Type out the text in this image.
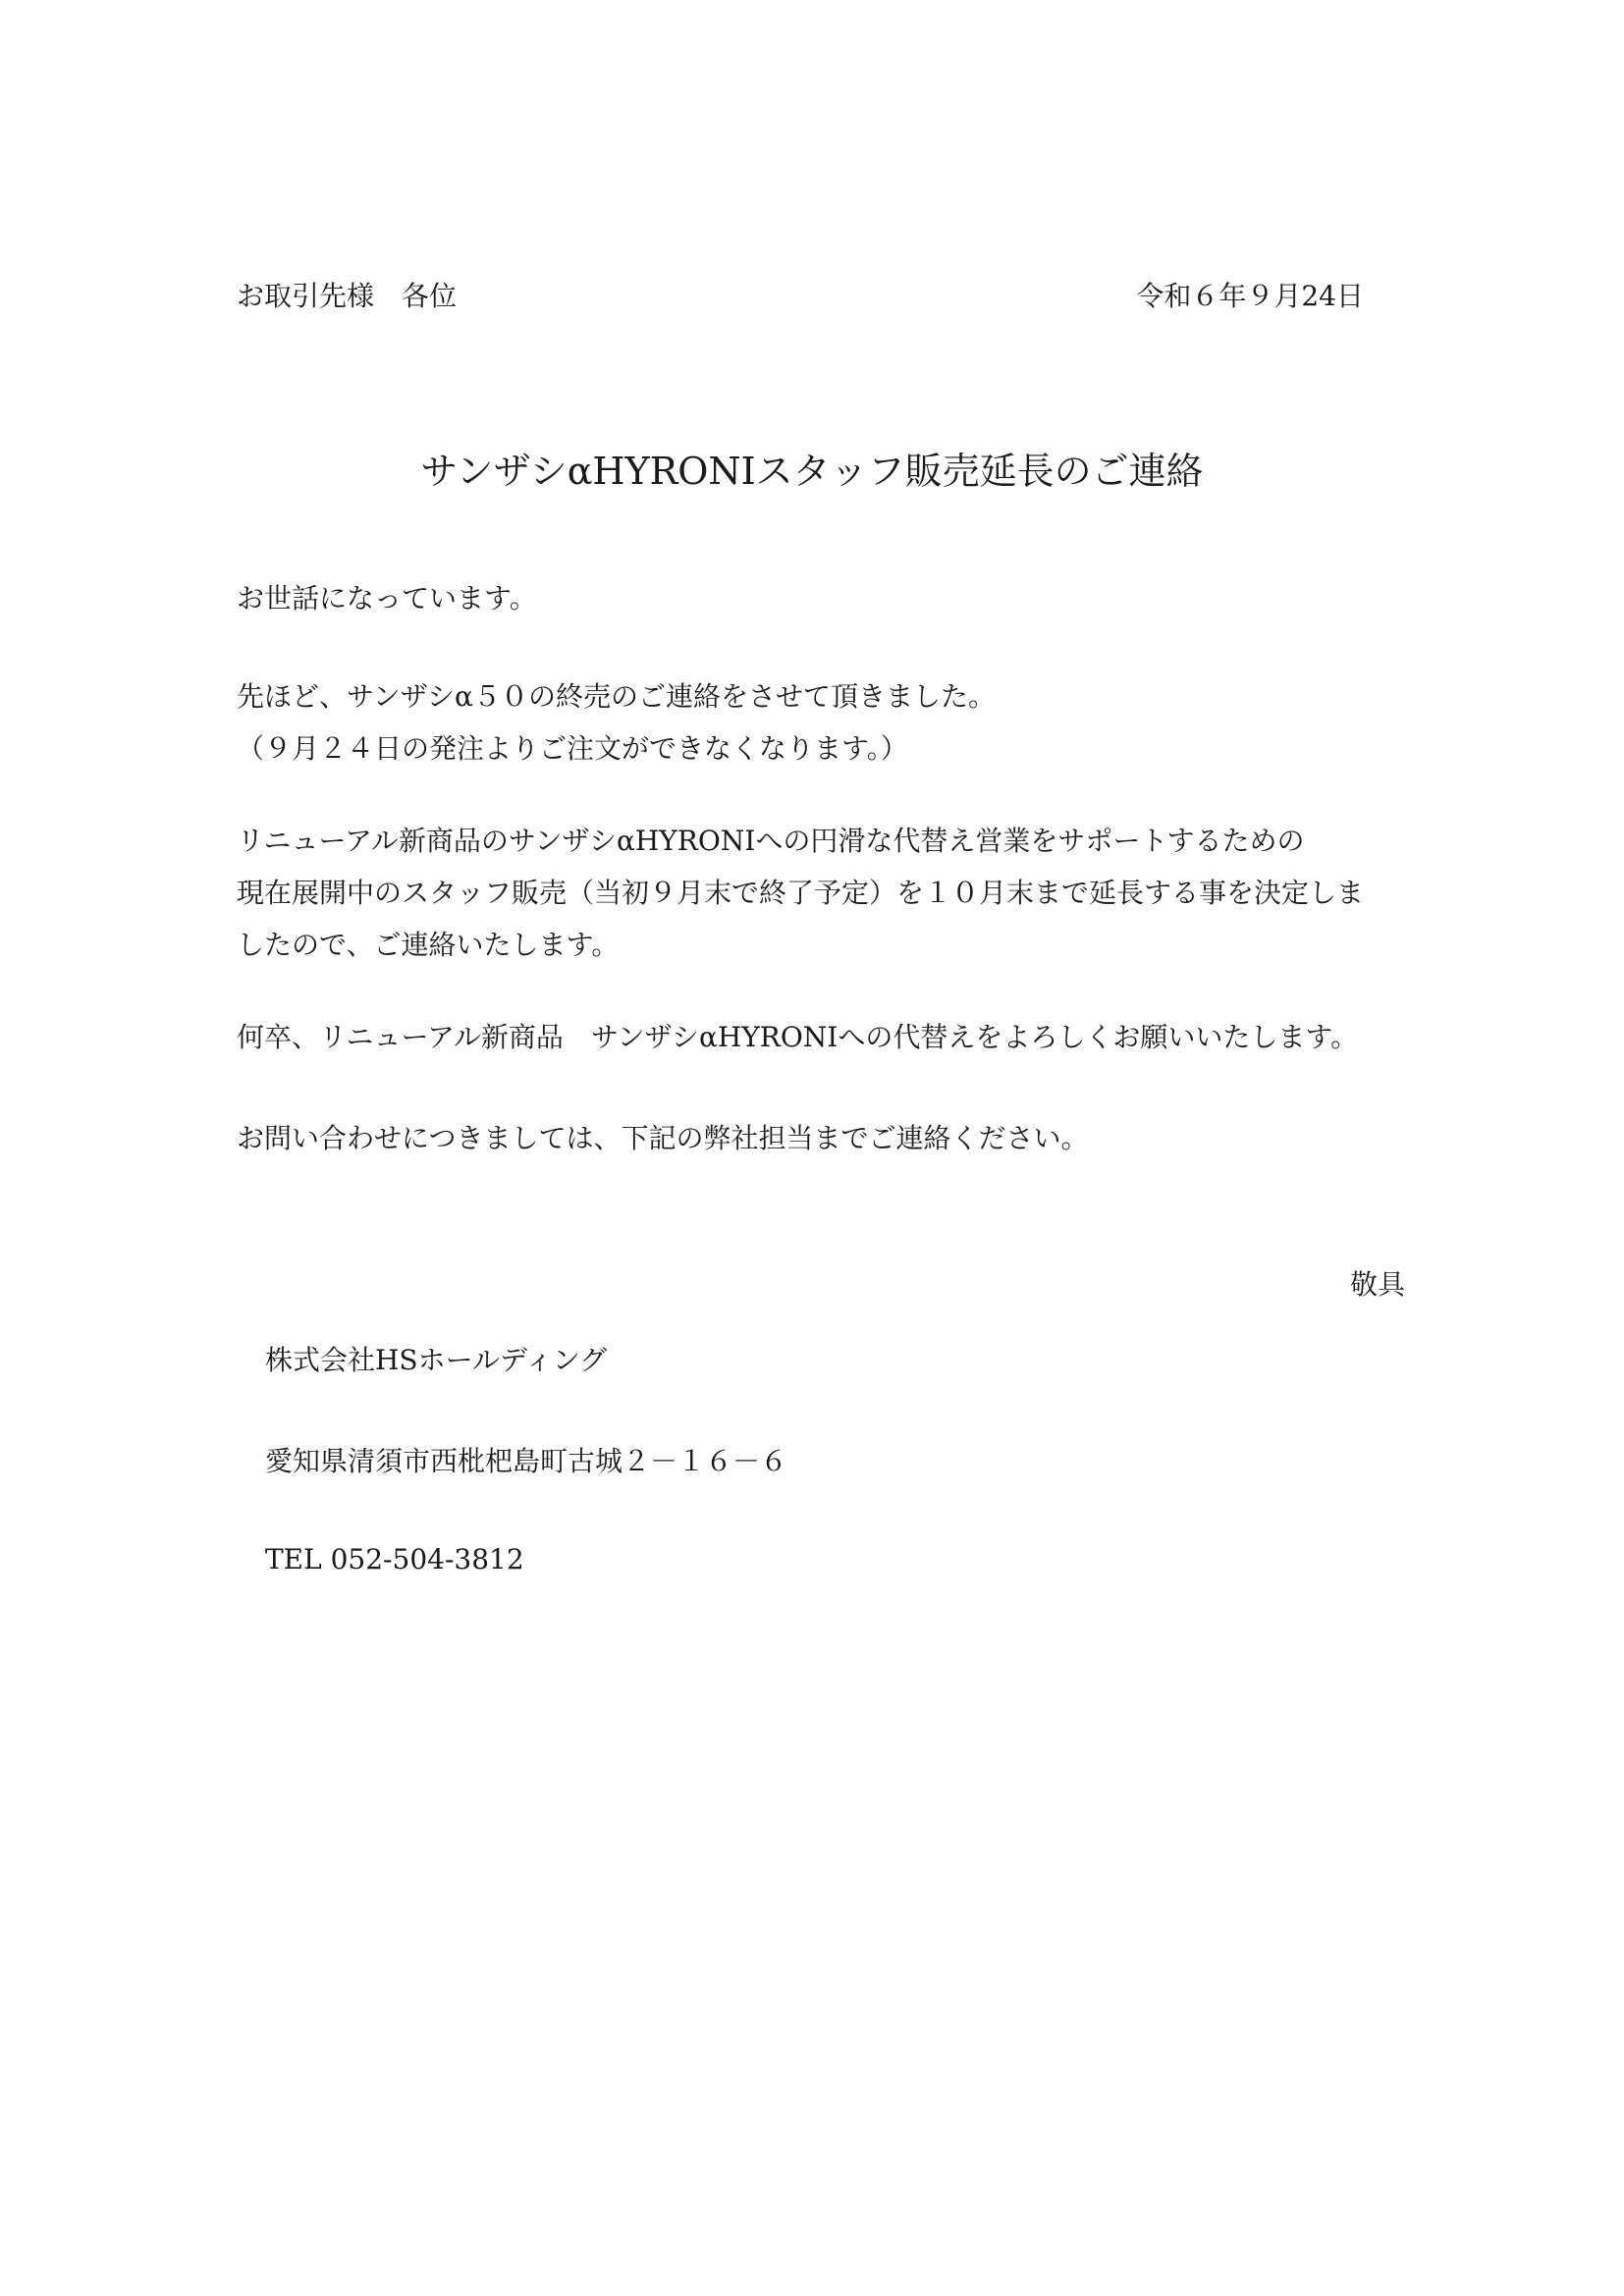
お取引先様　各位	令和６年９月24日

サンザシαHYRONIスタッフ販売延長のご連絡

お世話になっています。

先ほど、サンザシα５０の終売のご連絡をさせて頂きました。
（９月２４日の発注よりご注文ができなくなります。）

リニューアル新商品のサンザシαHYRONIへの円滑な代替え営業をサポートするための
現在展開中のスタッフ販売（当初９月末で終了予定）を１０月末まで延長する事を決定しま
したので、ご連絡いたします。

何卒、リニューアル新商品　サンザシαHYRONIへの代替えをよろしくお願いいたします。

お問い合わせにつきましては、下記の弊社担当までご連絡ください。

敬具

株式会社HSホールディング

愛知県清須市西枇杷島町古城２－１６－６

TEL 052-504-3812
